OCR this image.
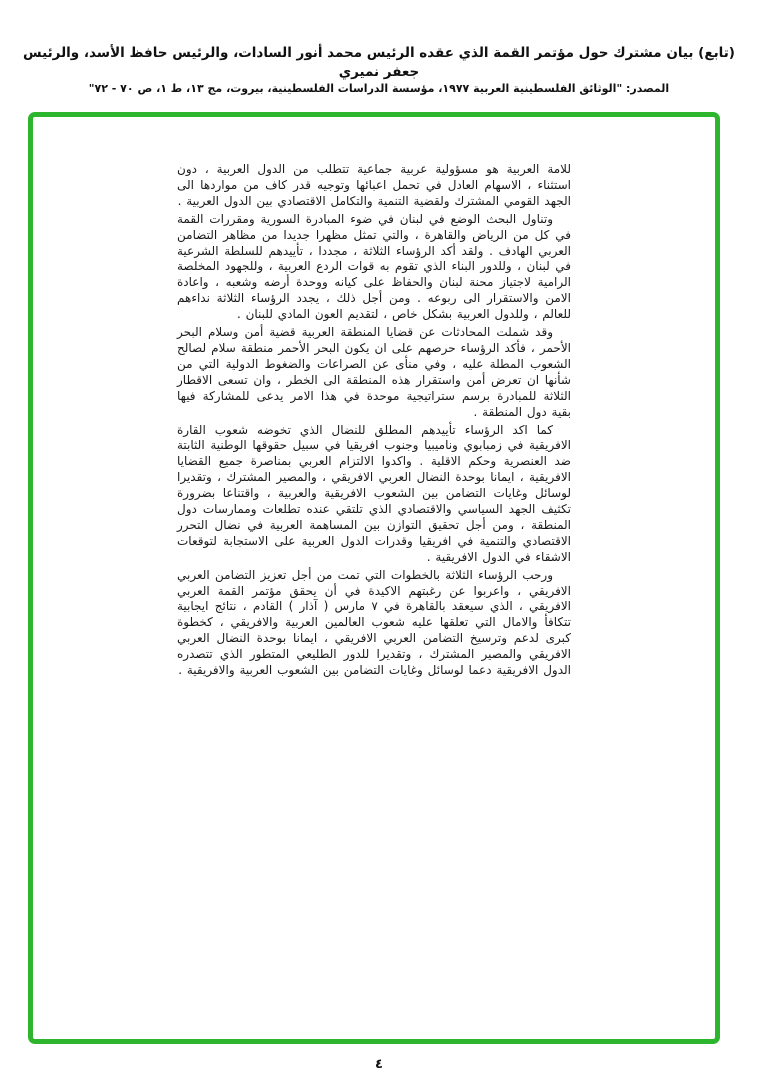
(تابع) بيان مشترك حول مؤتمر القمة الذي عقده الرئيس محمد أنور السادات، والرئيس حافظ الأسد، والرئيس جعفر نميري
المصدر: "الوثائق الفلسطينية العربية ١٩٧٧، مؤسسة الدراسات الفلسطينية، بيروت، مج ١٣، ط ١، ص ٧٠ - ٧٢"

للامة العربية هو مسؤولية عربية جماعية تتطلب من الدول العربية ، دون استثناء ، الاسهام العادل في تحمل اعبائها وتوجيه قدر كاف من مواردها الى الجهد القومي المشترك ولقضية التنمية والتكامل الاقتصادي بين الدول العربية .

وتناول البحث الوضع في لبنان في ضوء المبادرة السورية ومقررات القمة في كل من الرياض والقاهرة ، والتي تمثل مظهرا جديدا من مظاهر التضامن العربي الهادف . ولقد أكد الرؤساء الثلاثة ، مجددا ، تأييدهم للسلطة الشرعية في لبنان ، وللدور البناء الذي تقوم به قوات الردع العربية ، وللجهود المخلصة الرامية لاجتياز محنة لبنان والحفاظ على كيانه ووحدة أرضه وشعبه ، واعادة الامن والاستقرار الى ربوعه . ومن أجل ذلك ، يجدد الرؤساء الثلاثة نداءهم للعالم ، وللدول العربية بشكل خاص ، لتقديم العون المادي للبنان .

وقد شملت المحادثات عن قضايا المنطقة العربية قضية أمن وسلام البحر الأحمر ، فأكد الرؤساء حرصهم على ان يكون البحر الأحمر منطقة سلام لصالح الشعوب المطلة عليه ، وفي منأى عن الصراعات والضغوط الدولية التي من شأنها ان تعرض أمن واستقرار هذه المنطقة الى الخطر ، وان تسعى الاقطار الثلاثة للمبادرة برسم ستراتيجية موحدة في هذا الامر يدعى للمشاركة فيها بقية دول المنطقة .

كما اكد الرؤساء تأييدهم المطلق للنضال الذي تخوضه شعوب القارة الافريقية في زمبابوي وناميبيا وجنوب افريقيا في سبيل حقوقها الوطنية الثابتة ضد العنصرية وحكم الاقلية . واكدوا الالتزام العربي بمناصرة جميع القضايا الافريقية ، ايمانا بوحدة النضال العربي الافريقي ، والمصير المشترك ، وتقديرا لوسائل وغايات التضامن بين الشعوب الافريقية والعربية ، واقتناعا بضرورة تكثيف الجهد السياسي والاقتصادي الذي تلتقي عنده تطلعات وممارسات دول المنطقة ، ومن أجل تحقيق التوازن بين المساهمة العربية في نضال التحرر الاقتصادي والتنمية في افريقيا وقدرات الدول العربية على الاستجابة لتوقعات الاشقاء في الدول الافريقية .

ورحب الرؤساء الثلاثة بالخطوات التي تمت من أجل تعزيز التضامن العربي الافريقي ، واعربوا عن رغبتهم الاكيدة في أن يحقق مؤتمر القمة العربي الافريقي ، الذي سيعقد بالقاهرة في ٧ مارس ( آذار ) القادم ، نتائج ايجابية تتكافأ والامال التي تعلقها عليه شعوب العالمين العربية والافريقي ، كخطوة كبرى لدعم وترسيخ التضامن العربي الافريقي ، ايمانا بوحدة النضال العربي الافريقي والمصير المشترك ، وتقديرا للدور الطليعي المتطور الذي تتصدره الدول الافريقية دعما لوسائل وغايات التضامن بين الشعوب العربية والافريقية .

٤
